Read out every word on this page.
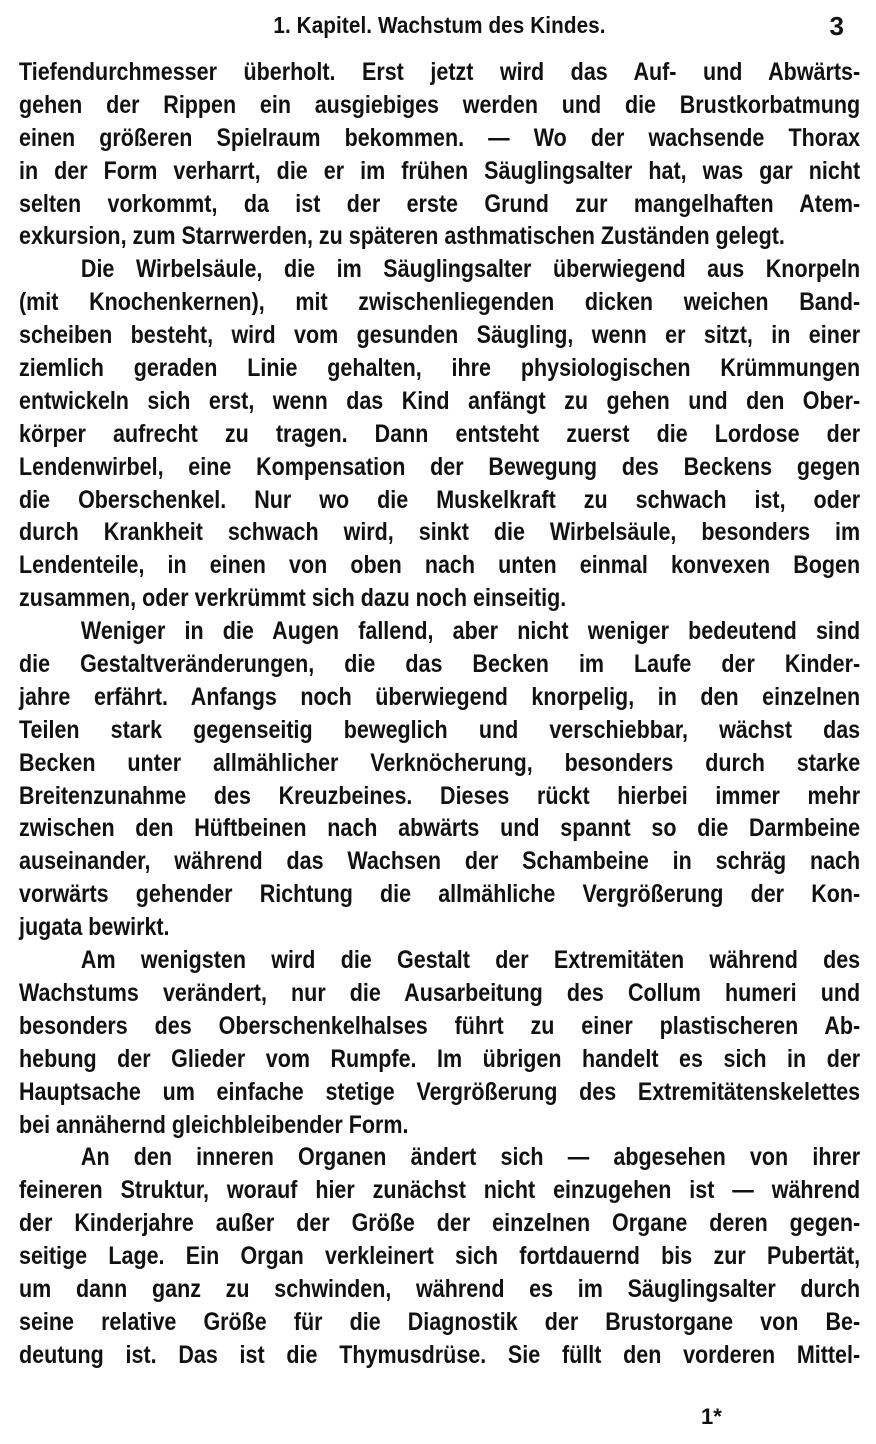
1. Kapitel. Wachstum des Kindes.	3
Tiefendurchmesser überholt. Erst jetzt wird das Auf- und Abwärts-
gehen der Rippen ein ausgiebiges werden und die Brustkorbatmung
einen größeren Spielraum bekommen. — Wo der wachsende Thorax
in der Form verharrt, die er im frühen Säuglingsalter hat, was gar nicht
selten vorkommt, da ist der erste Grund zur mangelhaften Atem-
exkursion, zum Starrwerden, zu späteren asthmatischen Zuständen gelegt.
Die Wirbelsäule, die im Säuglingsalter überwiegend aus Knorpeln
(mit Knochenkernen), mit zwischenliegenden dicken weichen Band-
scheiben besteht, wird vom gesunden Säugling, wenn er sitzt, in einer
ziemlich geraden Linie gehalten, ihre physiologischen Krümmungen
entwickeln sich erst, wenn das Kind anfängt zu gehen und den Ober-
körper aufrecht zu tragen. Dann entsteht zuerst die Lordose der
Lendenwirbel, eine Kompensation der Bewegung des Beckens gegen
die Oberschenkel. Nur wo die Muskelkraft zu schwach ist, oder
durch Krankheit schwach wird, sinkt die Wirbelsäule, besonders im
Lendenteile, in einen von oben nach unten einmal konvexen Bogen
zusammen, oder verkrümmt sich dazu noch einseitig.
Weniger in die Augen fallend, aber nicht weniger bedeutend sind
die Gestaltveränderungen, die das Becken im Laufe der Kinder-
jahre erfährt. Anfangs noch überwiegend knorpelig, in den einzelnen
Teilen stark gegenseitig beweglich und verschiebbar, wächst das
Becken unter allmählicher Verknöcherung, besonders durch starke
Breitenzunahme des Kreuzbeines. Dieses rückt hierbei immer mehr
zwischen den Hüftbeinen nach abwärts und spannt so die Darmbeine
auseinander, während das Wachsen der Schambeine in schräg nach
vorwärts gehender Richtung die allmähliche Vergrößerung der Kon-
jugata bewirkt.
Am wenigsten wird die Gestalt der Extremitäten während des
Wachstums verändert, nur die Ausarbeitung des Collum humeri und
besonders des Oberschenkelhalses führt zu einer plastischeren Ab-
hebung der Glieder vom Rumpfe. Im übrigen handelt es sich in der
Hauptsache um einfache stetige Vergrößerung des Extremitätenskelettes
bei annähernd gleichbleibender Form.
An den inneren Organen ändert sich — abgesehen von ihrer
feineren Struktur, worauf hier zunächst nicht einzugehen ist — während
der Kinderjahre außer der Größe der einzelnen Organe deren gegen-
seitige Lage. Ein Organ verkleinert sich fortdauernd bis zur Pubertät,
um dann ganz zu schwinden, während es im Säuglingsalter durch
seine relative Größe für die Diagnostik der Brustorgane von Be-
deutung ist. Das ist die Thymusdrüse. Sie füllt den vorderen Mittel-
1*
